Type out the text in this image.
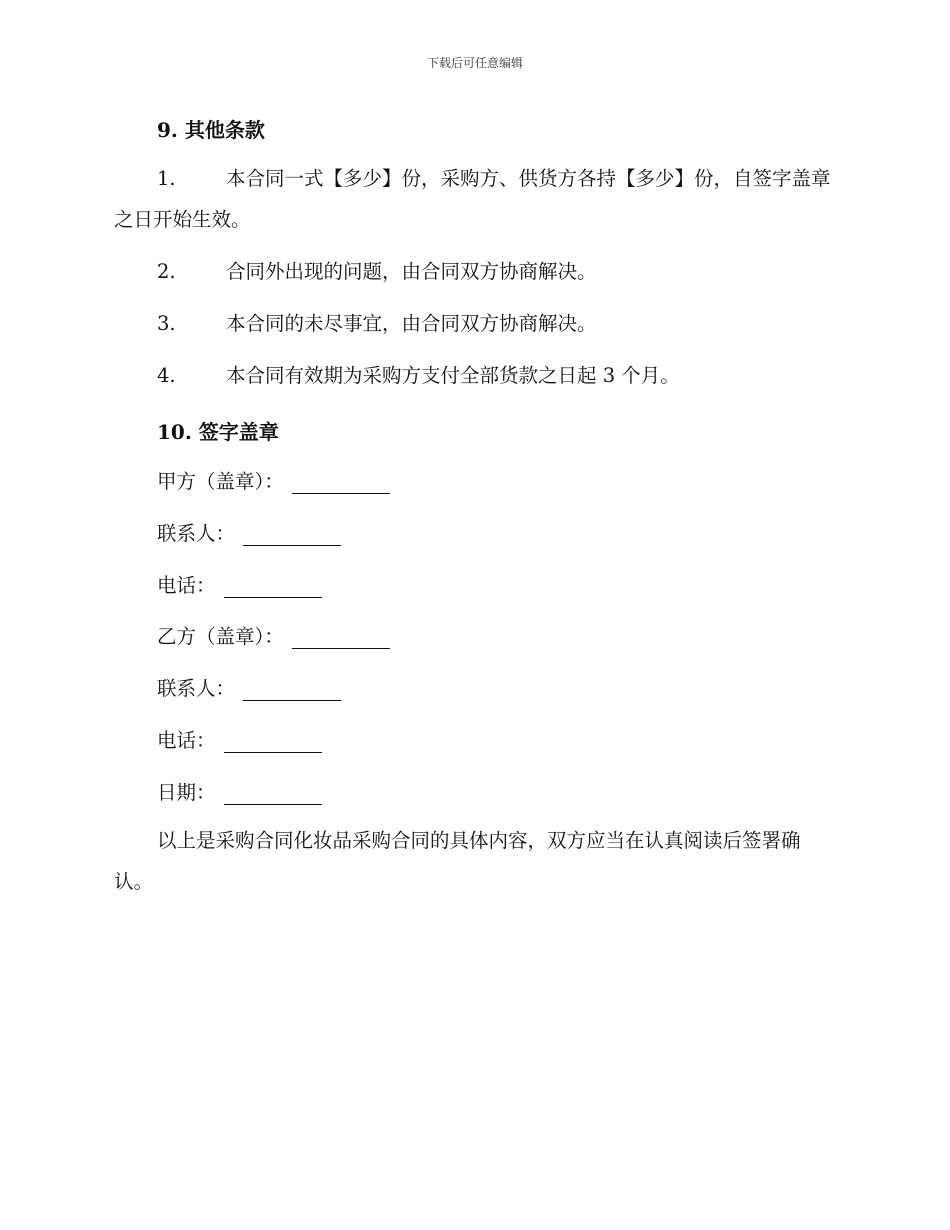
下载后可任意编辑
9. 其他条款
1.	本合同一式【多少】份，采购方、供货方各持【多少】份，自签字盖章之日开始生效。
2.	合同外出现的问题，由合同双方协商解决。
3.	本合同的未尽事宜，由合同双方协商解决。
4.	本合同有效期为采购方支付全部货款之日起 3 个月。
10. 签字盖章
甲方（盖章）：
联系人：
电话：
乙方（盖章）：
联系人：
电话：
日期：
以上是采购合同化妆品采购合同的具体内容，双方应当在认真阅读后签署确认。
